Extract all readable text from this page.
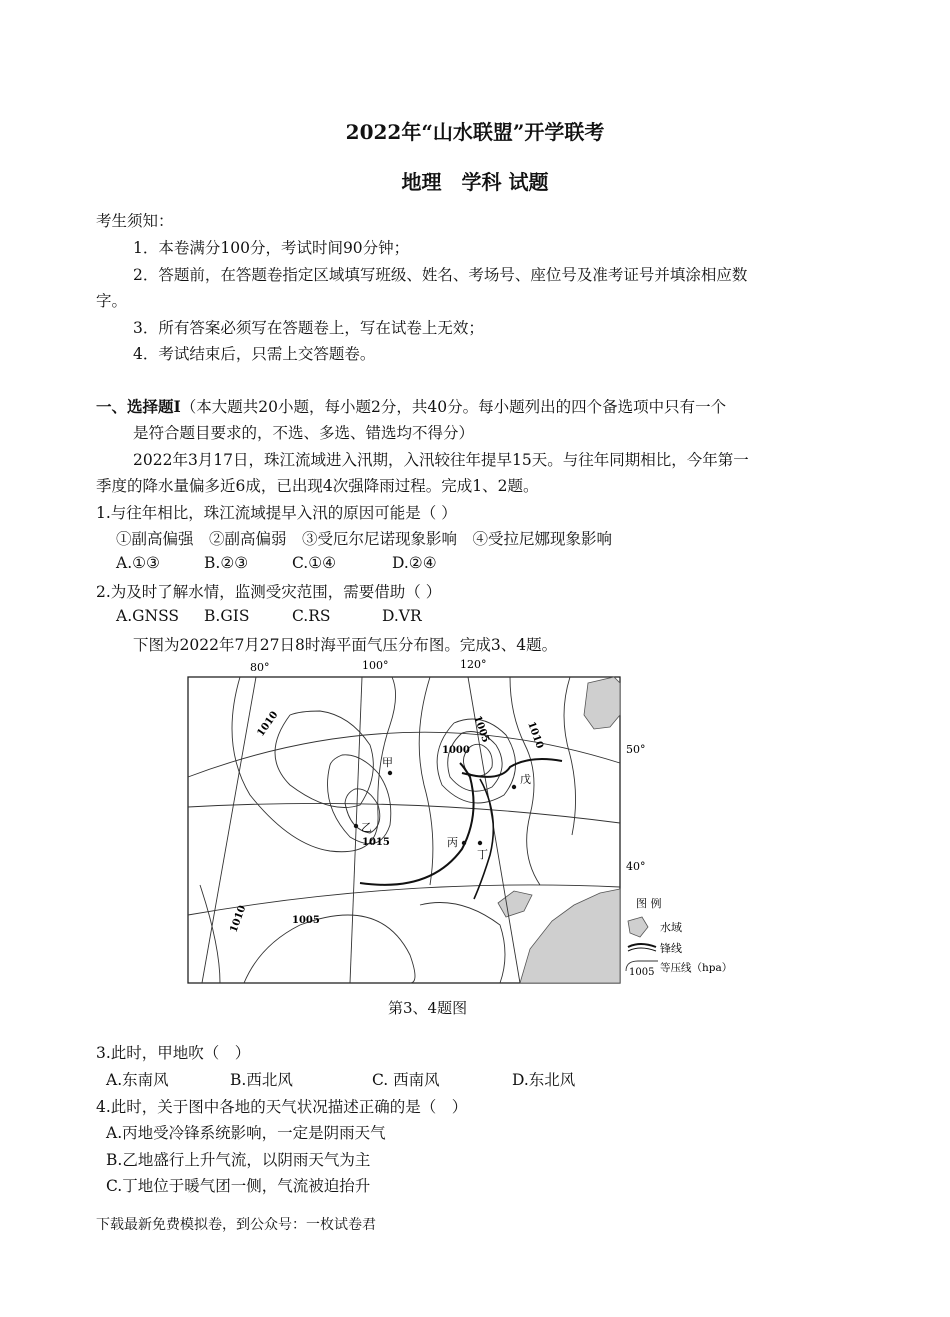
2022年“山水联盟”开学联考
地理　学科 试题
考生须知：
1．本卷满分100分，考试时间90分钟；
2．答题前，在答题卷指定区域填写班级、姓名、考场号、座位号及准考证号并填涂相应数
字。
3．所有答案必须写在答题卷上，写在试卷上无效；
4．考试结束后，只需上交答题卷。
一、选择题Ⅰ（本大题共20小题，每小题2分，共40分。每小题列出的四个备选项中只有一个
是符合题目要求的，不选、多选、错选均不得分）
2022年3月17日，珠江流域进入汛期，入汛较往年提早15天。与往年同期相比，今年第一
季度的降水量偏多近6成，已出现4次强降雨过程。完成1、2题。
1.与往年相比，珠江流域提早入汛的原因可能是（ ）
①副高偏强　②副高偏弱　③受厄尔尼诺现象影响　④受拉尼娜现象影响
A.①③	B.②③	C.①④	D.②④
2.为及时了解水情，监测受灾范围，需要借助（ ）
A.GNSS B.GIS	C.RS	D.VR
下图为2022年7月27日8时海平面气压分布图。完成3、4题。
80°	100°	120°
50°
40°
1010	1005	1010
1000
1015
1010	1005
甲
乙
丙
丁
戊
图 例
水域
锋线
1005 等压线（hpa）
第3、4题图
3.此时，甲地吹（　）
A.东南风	B.西北风	C. 西南风	D.东北风
4.此时，关于图中各地的天气状况描述正确的是（　）
A.丙地受冷锋系统影响，一定是阴雨天气
B.乙地盛行上升气流，以阴雨天气为主
C.丁地位于暖气团一侧，气流被迫抬升
下载最新免费模拟卷，到公众号：一枚试卷君
